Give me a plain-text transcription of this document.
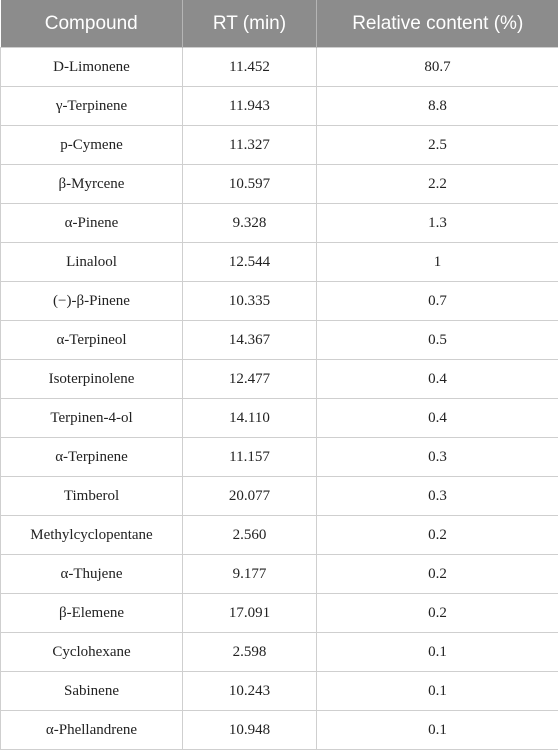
Compound	RT (min)	Relative content (%)
D-Limonene	11.452	80.7
γ-Terpinene	11.943	8.8
p-Cymene	11.327	2.5
β-Myrcene	10.597	2.2
α-Pinene	9.328	1.3
Linalool	12.544	1
(−)-β-Pinene	10.335	0.7
α-Terpineol	14.367	0.5
Isoterpinolene	12.477	0.4
Terpinen-4-ol	14.110	0.4
α-Terpinene	11.157	0.3
Timberol	20.077	0.3
Methylcyclopentane	2.560	0.2
α-Thujene	9.177	0.2
β-Elemene	17.091	0.2
Cyclohexane	2.598	0.1
Sabinene	10.243	0.1
α-Phellandrene	10.948	0.1
